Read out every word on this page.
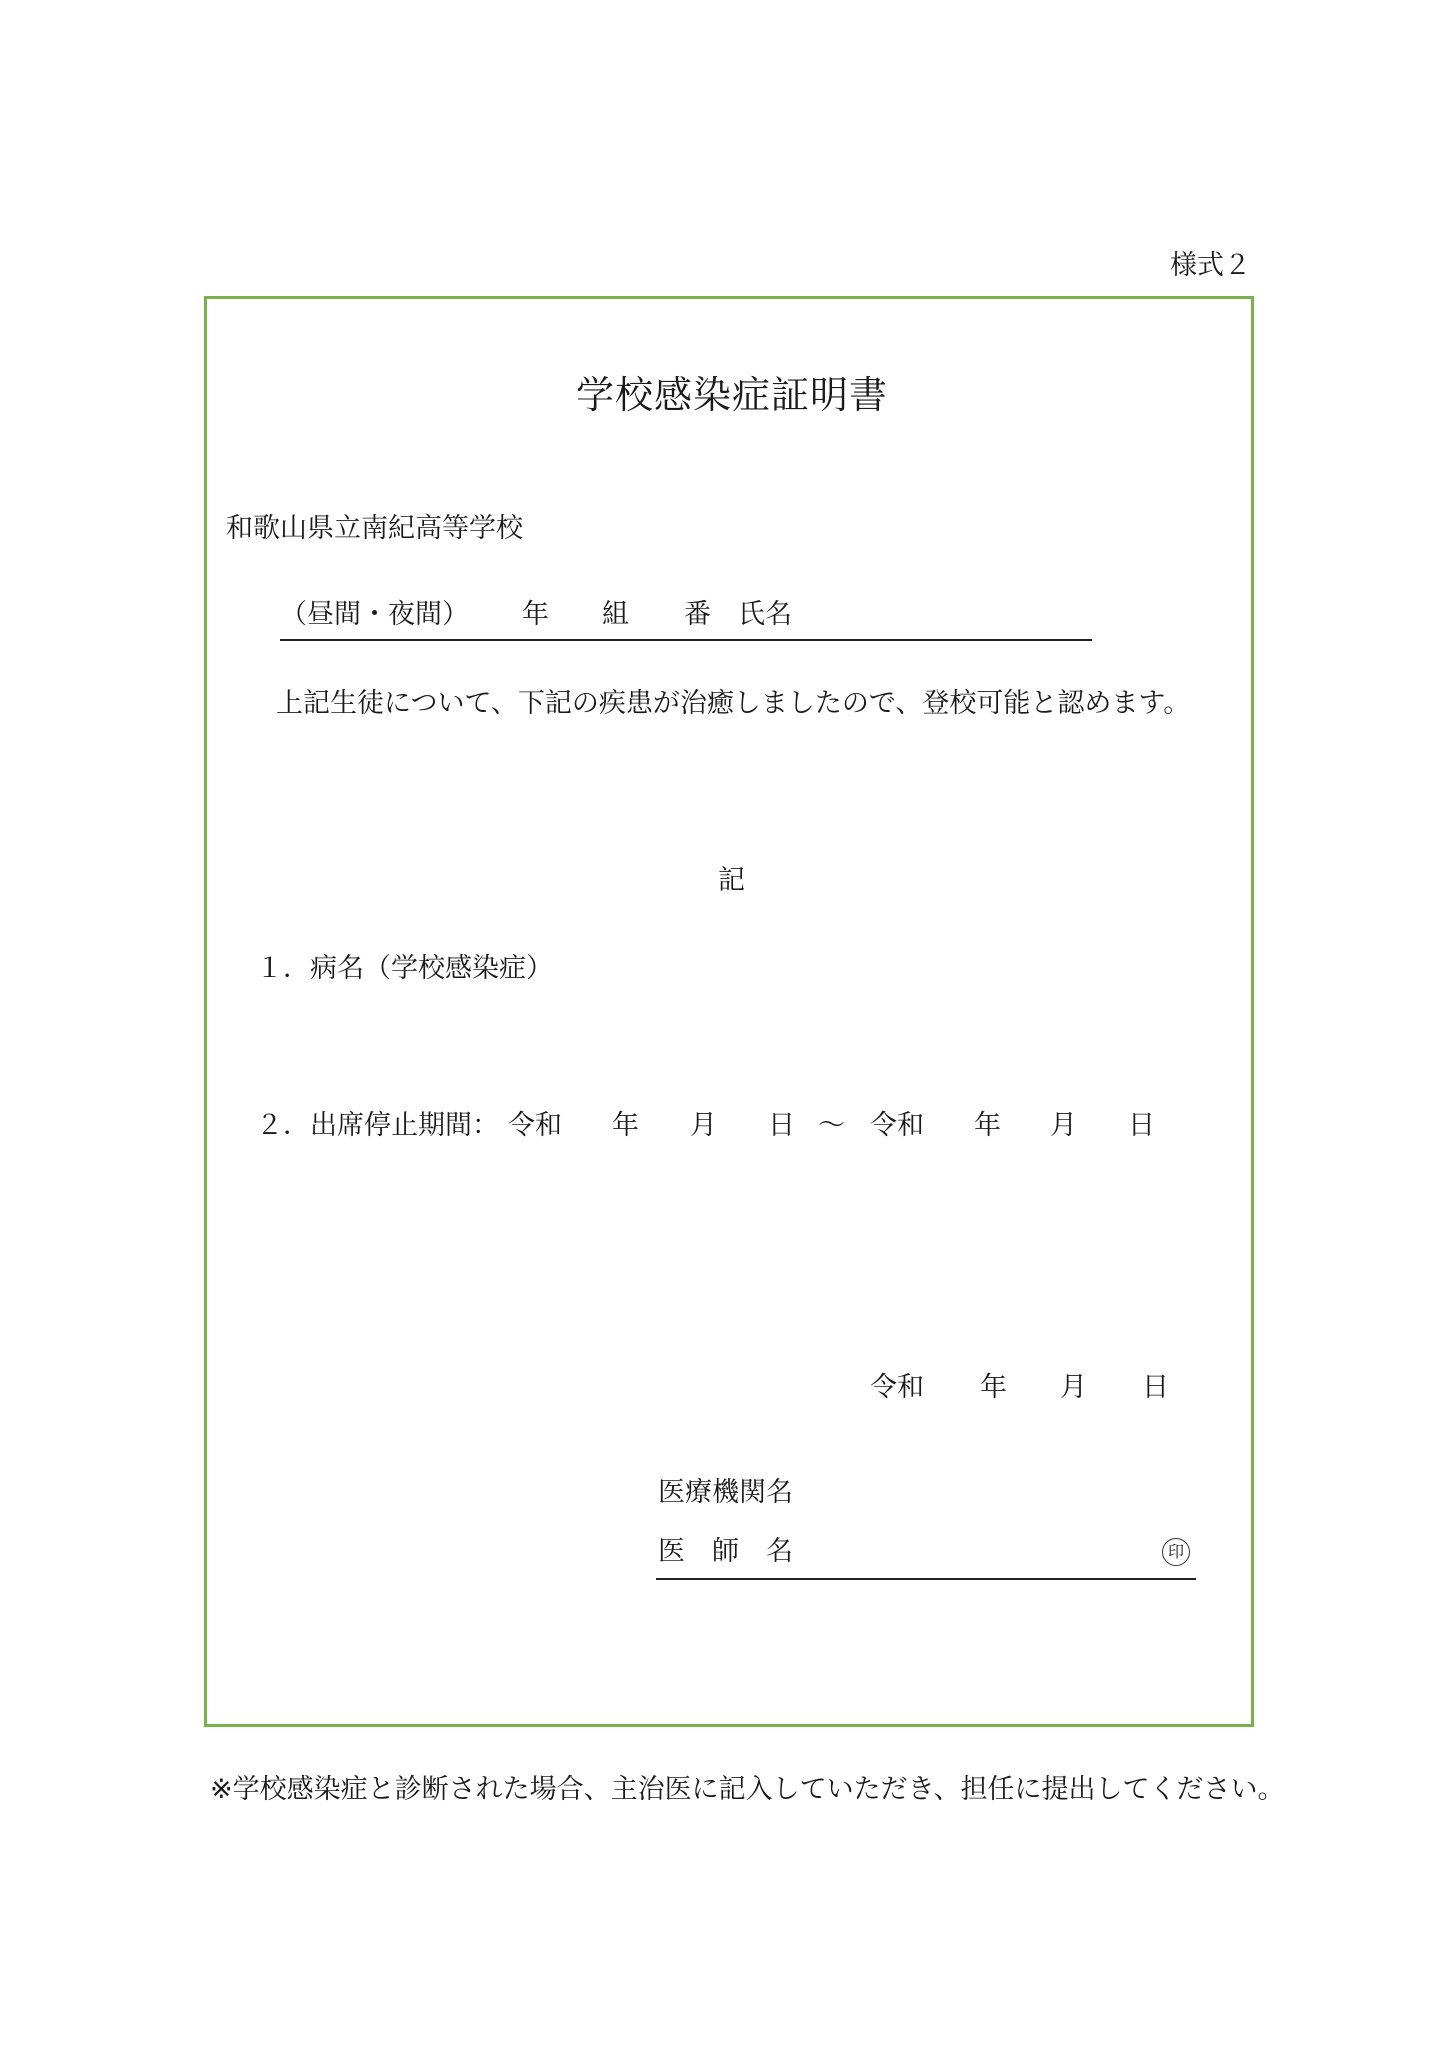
様式２
学校感染症証明書
和歌山県立南紀高等学校
（昼間・夜間） 年 組 番 氏名
上記生徒について、下記の疾患が治癒しましたので、登校可能と認めます。
記
１．病名（学校感染症）
２．出席停止期間： 令和 年 月 日 ～ 令和 年 月 日
令和 年 月 日
医療機関名
医　師　名	印
※学校感染症と診断された場合、主治医に記入していただき、担任に提出してください。
